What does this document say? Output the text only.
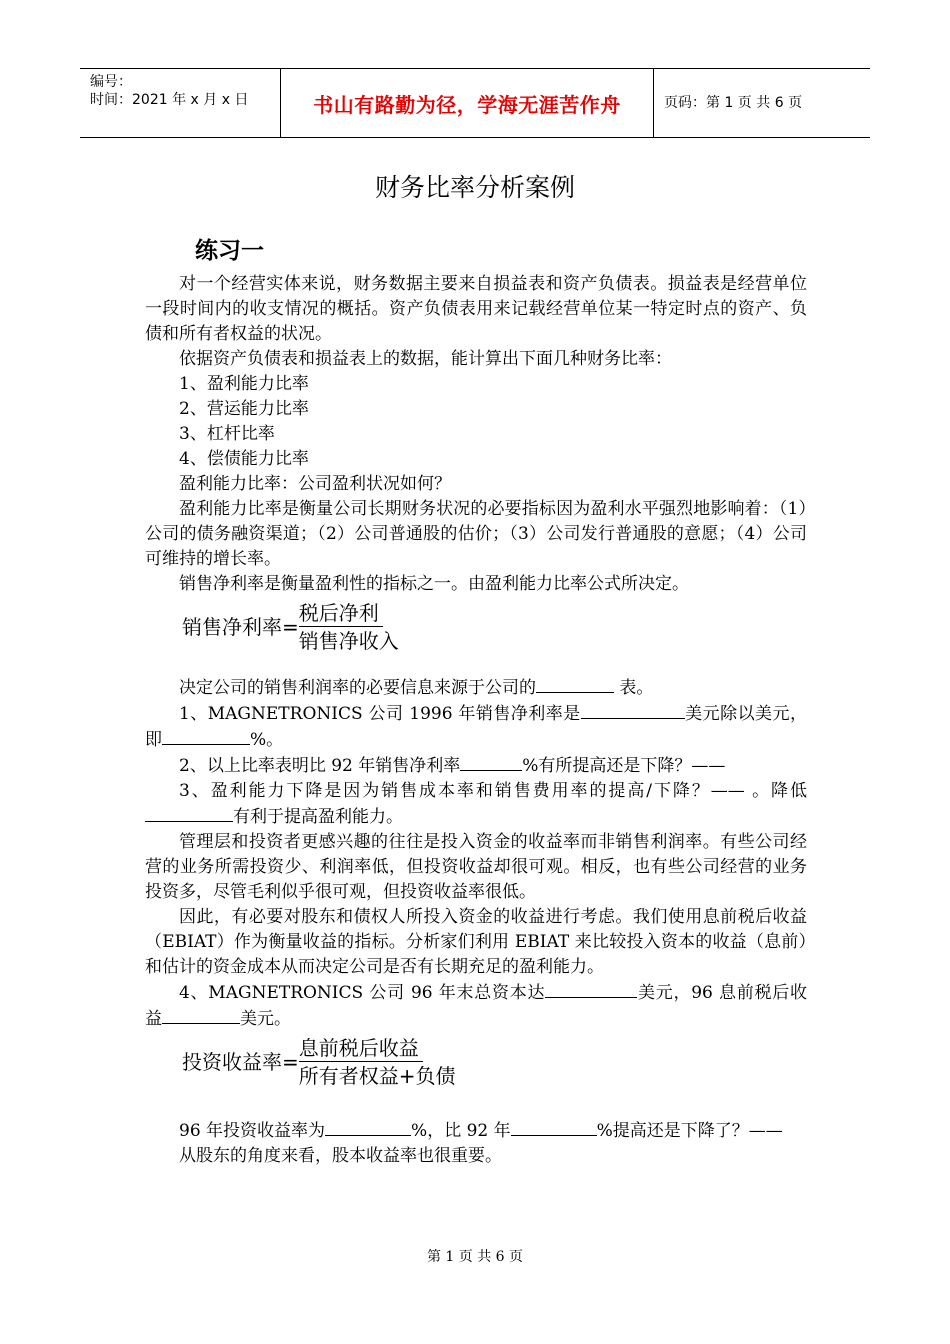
编号：
时间：2021 年 x 月 x 日	书山有路勤为径，学海无涯苦作舟	页码：第 1 页 共 6 页
财务比率分析案例
练习一

对一个经营实体来说，财务数据主要来自损益表和资产负债表。损益表是经营单位一段时间内的收支情况的概括。资产负债表用来记载经营单位某一特定时点的资产、负债和所有者权益的状况。

依据资产负债表和损益表上的数据，能计算出下面几种财务比率：

1、盈利能力比率

2、营运能力比率

3、杠杆比率

4、偿债能力比率

盈利能力比率：公司盈利状况如何？

盈利能力比率是衡量公司长期财务状况的必要指标因为盈利水平强烈地影响着：（1）公司的债务融资渠道；（2）公司普通股的估价；（3）公司发行普通股的意愿；（4）公司可维持的增长率。

销售净利率是衡量盈利性的指标之一。由盈利能力比率公式所决定。

销售净利率= $\frac{\text{税后净利}}{\text{销售净收入}}$

决定公司的销售利润率的必要信息来源于公司的	表。

1、MAGNETRONICS 公司 1996 年销售净利率是	美元除以美元，即	%。

2、以上比率表明比 92 年销售净利率	%有所提高还是下降？——

3、盈利能力下降是因为销售成本率和销售费用率的提高/下降？—— 。降低有利于提高盈利能力。

管理层和投资者更感兴趣的往往是投入资金的收益率而非销售利润率。有些公司经营的业务所需投资少、利润率低，但投资收益却很可观。相反，也有些公司经营的业务投资多，尽管毛利似乎很可观，但投资收益率很低。

因此，有必要对股东和债权人所投入资金的收益进行考虑。我们使用息前税后收益（EBIAT）作为衡量收益的指标。分析家们利用 EBIAT 来比较投入资本的收益（息前）和估计的资金成本从而决定公司是否有长期充足的盈利能力。

4、MAGNETRONICS 公司 96 年末总资本达	美元，96 息前税后收益	美元。

投资收益率= $\frac{\text{息前税后收益}}{\text{所有者权益+负债}}$

96 年投资收益率为	%，比 92 年	%提高还是下降了？——

从股东的角度来看，股本收益率也很重要。

第 1 页 共 6 页
